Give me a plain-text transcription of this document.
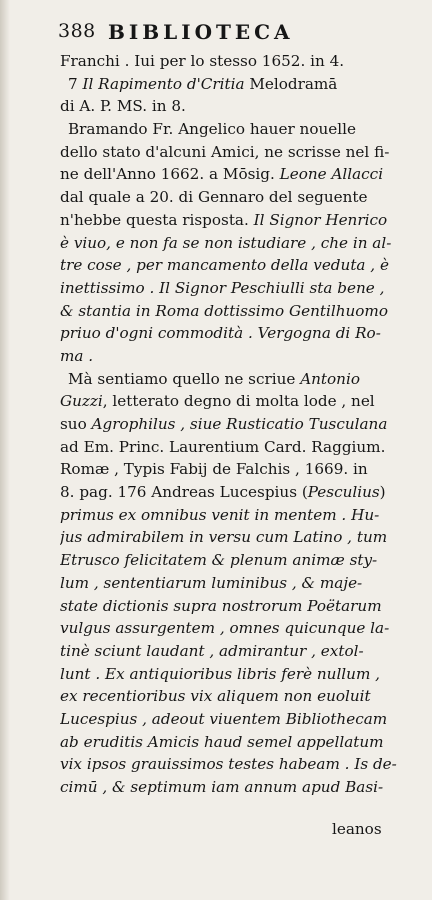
388 BIBLIOTECA
Franchi . Iui per lo stesso 1652. in 4.
7 Il Rapimento d'Critia Melodramā
di A. P. MS. in 8.
Bramando Fr. Angelico hauer nouelle
dello stato d'alcuni Amici, ne scrisse nel fi-
ne dell'Anno 1662. a Mōsig. Leone Allacci
dal quale a 20. di Gennaro del seguente
n'hebbe questa risposta. Il Signor Henrico
è viuo, e non fa se non istudiare , che in al-
tre cose , per mancamento della veduta , è
inettissimo . Il Signor Peschiulli sta bene ,
& stantia in Roma dottissimo Gentilhuomo
priuo d'ogni commodità . Vergogna di Ro-
ma .
Mà sentiamo quello ne scriue Antonio
Guzzi, letterato degno di molta lode , nel
suo Agrophilus , siue Rusticatio Tusculana
ad Em. Princ. Laurentium Card. Raggium.
Romæ , Typis Fabij de Falchis , 1669. in
8. pag. 176 Andreas Lucespius (Pesculius)
primus ex omnibus venit in mentem . Hu-
jus admirabilem in versu cum Latino , tum
Etrusco felicitatem & plenum animæ sty-
lum , sententiarum luminibus , & maje-
state dictionis supra nostrorum Poëtarum
vulgus assurgentem , omnes quicunque la-
tinè sciunt laudant , admirantur , extol-
lunt . Ex antiquioribus libris ferè nullum ,
ex recentioribus vix aliquem non euoluit
Lucespius , adeout viuentem Bibliothecam
ab eruditis Amicis haud semel appellatum
vix ipsos grauissimos testes habeam . Is de-
cimū , & septimum iam annum apud Basi-
leanos
